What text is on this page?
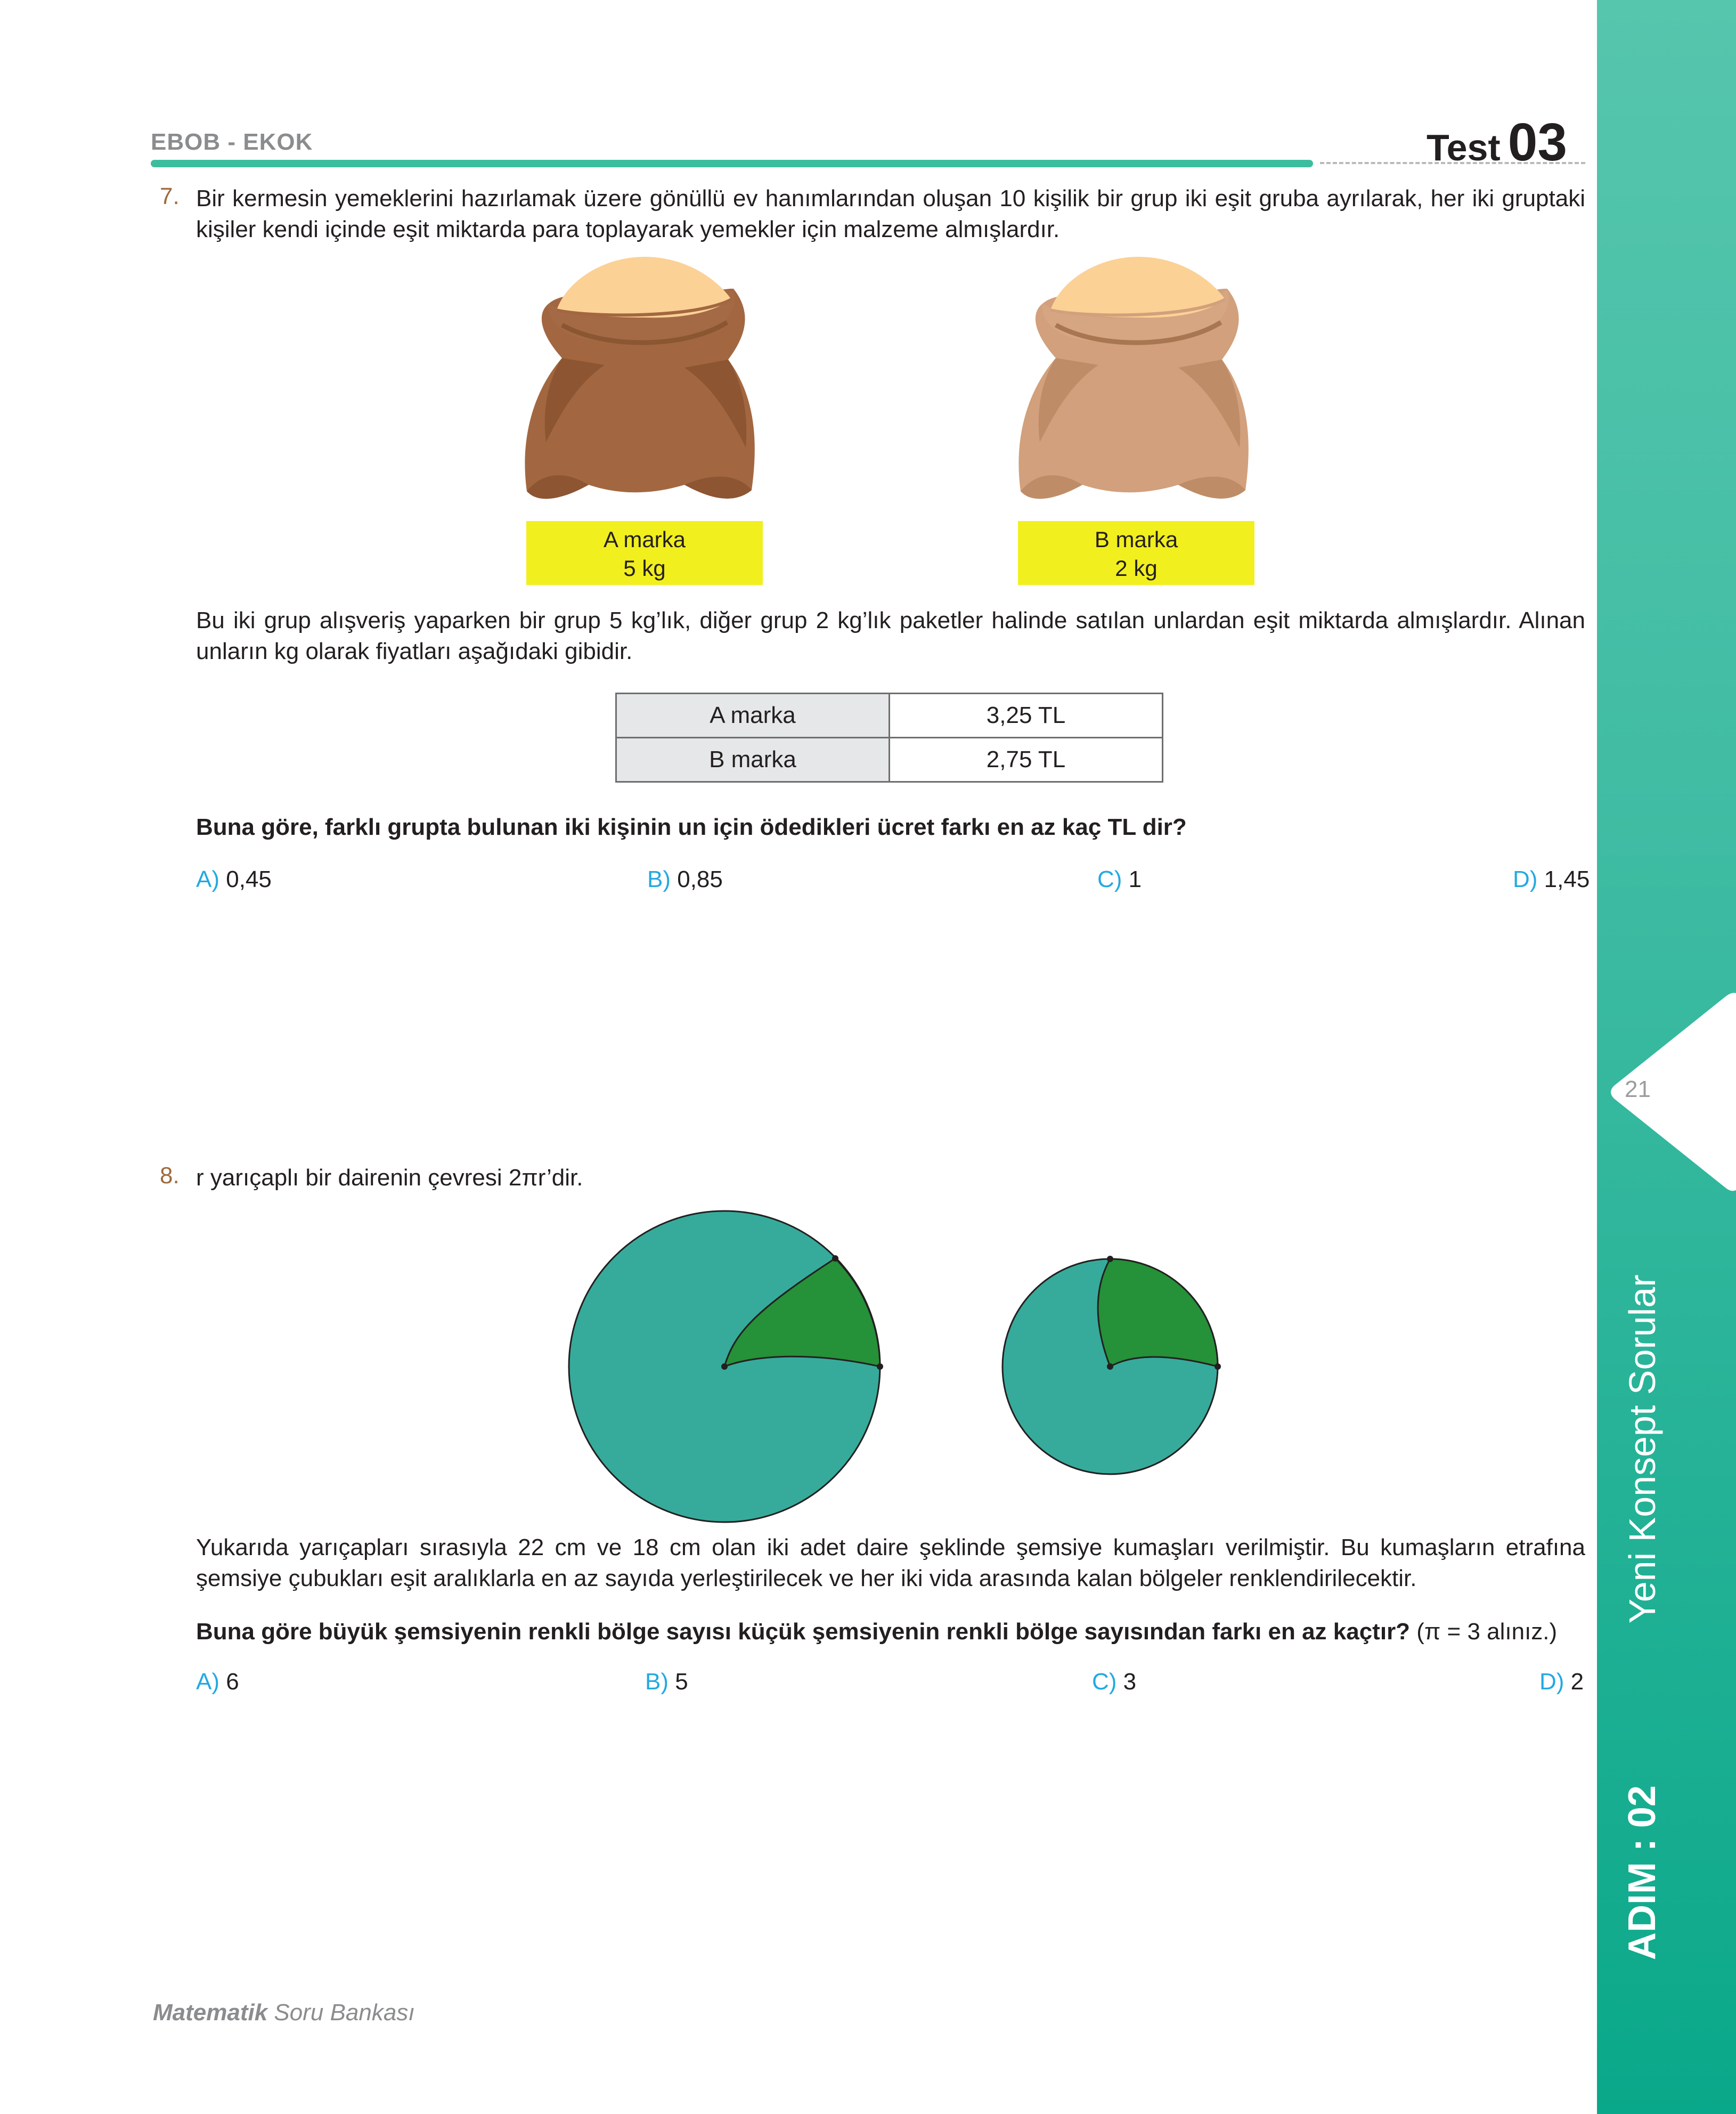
EBOB - EKOK	Test 03
21
Yeni Konsept Sorular
ADIM : 02
7. Bir kermesin yemeklerini hazırlamak üzere gönüllü ev hanımlarından oluşan 10 kişilik bir grup iki eşit gruba ayrılarak, her iki gruptaki kişiler kendi içinde eşit miktarda para toplayarak yemekler için malzeme almışlardır.
A marka
5 kg
B marka
2 kg
Bu iki grup alışveriş yaparken bir grup 5 kg’lık, diğer grup 2 kg’lık paketler halinde satılan unlardan eşit miktarda almışlardır. Alınan unların kg olarak fiyatları aşağıdaki gibidir.
A marka	3,25 TL
B marka	2,75 TL
Buna göre, farklı grupta bulunan iki kişinin un için ödedikleri ücret farkı en az kaç TL dir?
A) 0,45	B) 0,85	C) 1	D) 1,45
8. r yarıçaplı bir dairenin çevresi 2πr’dir.
Yukarıda yarıçapları sırasıyla 22 cm ve 18 cm olan iki adet daire şeklinde şemsiye kumaşları verilmiştir. Bu kumaşların etrafına şemsiye çubukları eşit aralıklarla en az sayıda yerleştirilecek ve her iki vida arasında kalan bölgeler renklendirilecektir.
Buna göre büyük şemsiyenin renkli bölge sayısı küçük şemsiyenin renkli bölge sayısından farkı en az kaçtır? (π = 3 alınız.)
A) 6	B) 5	C) 3	D) 2
Matematik Soru Bankası
